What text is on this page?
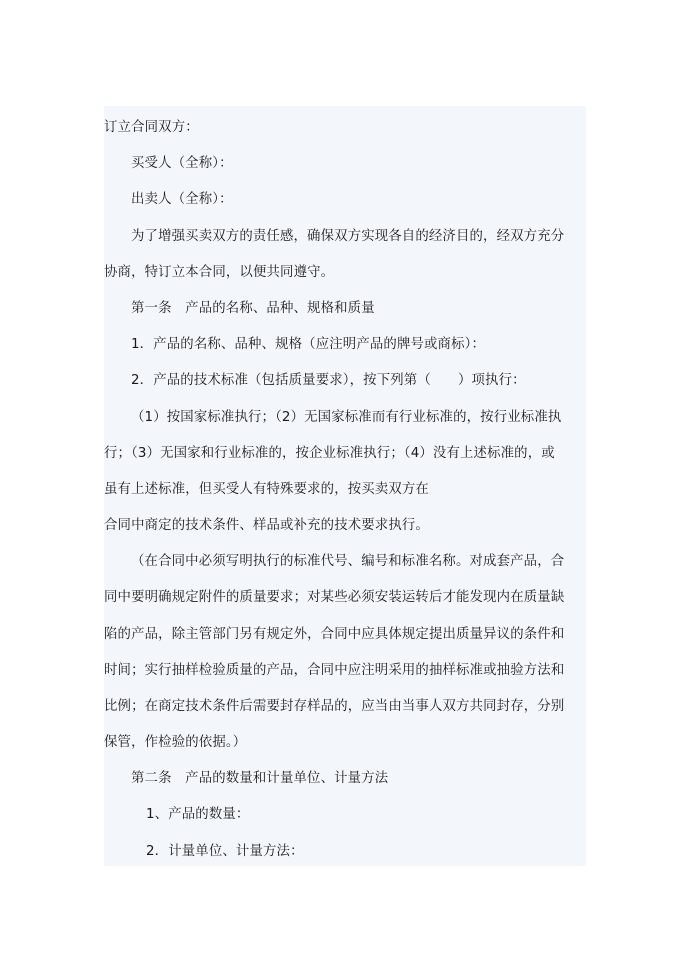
订立合同双方：
买受人（全称）：
出卖人（全称）：
为了增强买卖双方的责任感，确保双方实现各自的经济目的，经双方充分
协商，特订立本合同，以便共同遵守。
第一条　产品的名称、品种、规格和质量
1．产品的名称、品种、规格（应注明产品的牌号或商标）：
2．产品的技术标准（包括质量要求），按下列第（　　）项执行：
（1）按国家标准执行；（2）无国家标准而有行业标准的，按行业标准执
行；（3）无国家和行业标准的，按企业标准执行；（4）没有上述标准的，或
虽有上述标准，但买受人有特殊要求的，按买卖双方在
合同中商定的技术条件、样品或补充的技术要求执行。
（在合同中必须写明执行的标准代号、编号和标准名称。对成套产品，合
同中要明确规定附件的质量要求；对某些必须安装运转后才能发现内在质量缺
陷的产品，除主管部门另有规定外，合同中应具体规定提出质量异议的条件和
时间；实行抽样检验质量的产品，合同中应注明采用的抽样标准或抽验方法和
比例；在商定技术条件后需要封存样品的，应当由当事人双方共同封存，分别
保管，作检验的依据。）
第二条　产品的数量和计量单位、计量方法
1、产品的数量：
2．计量单位、计量方法：
